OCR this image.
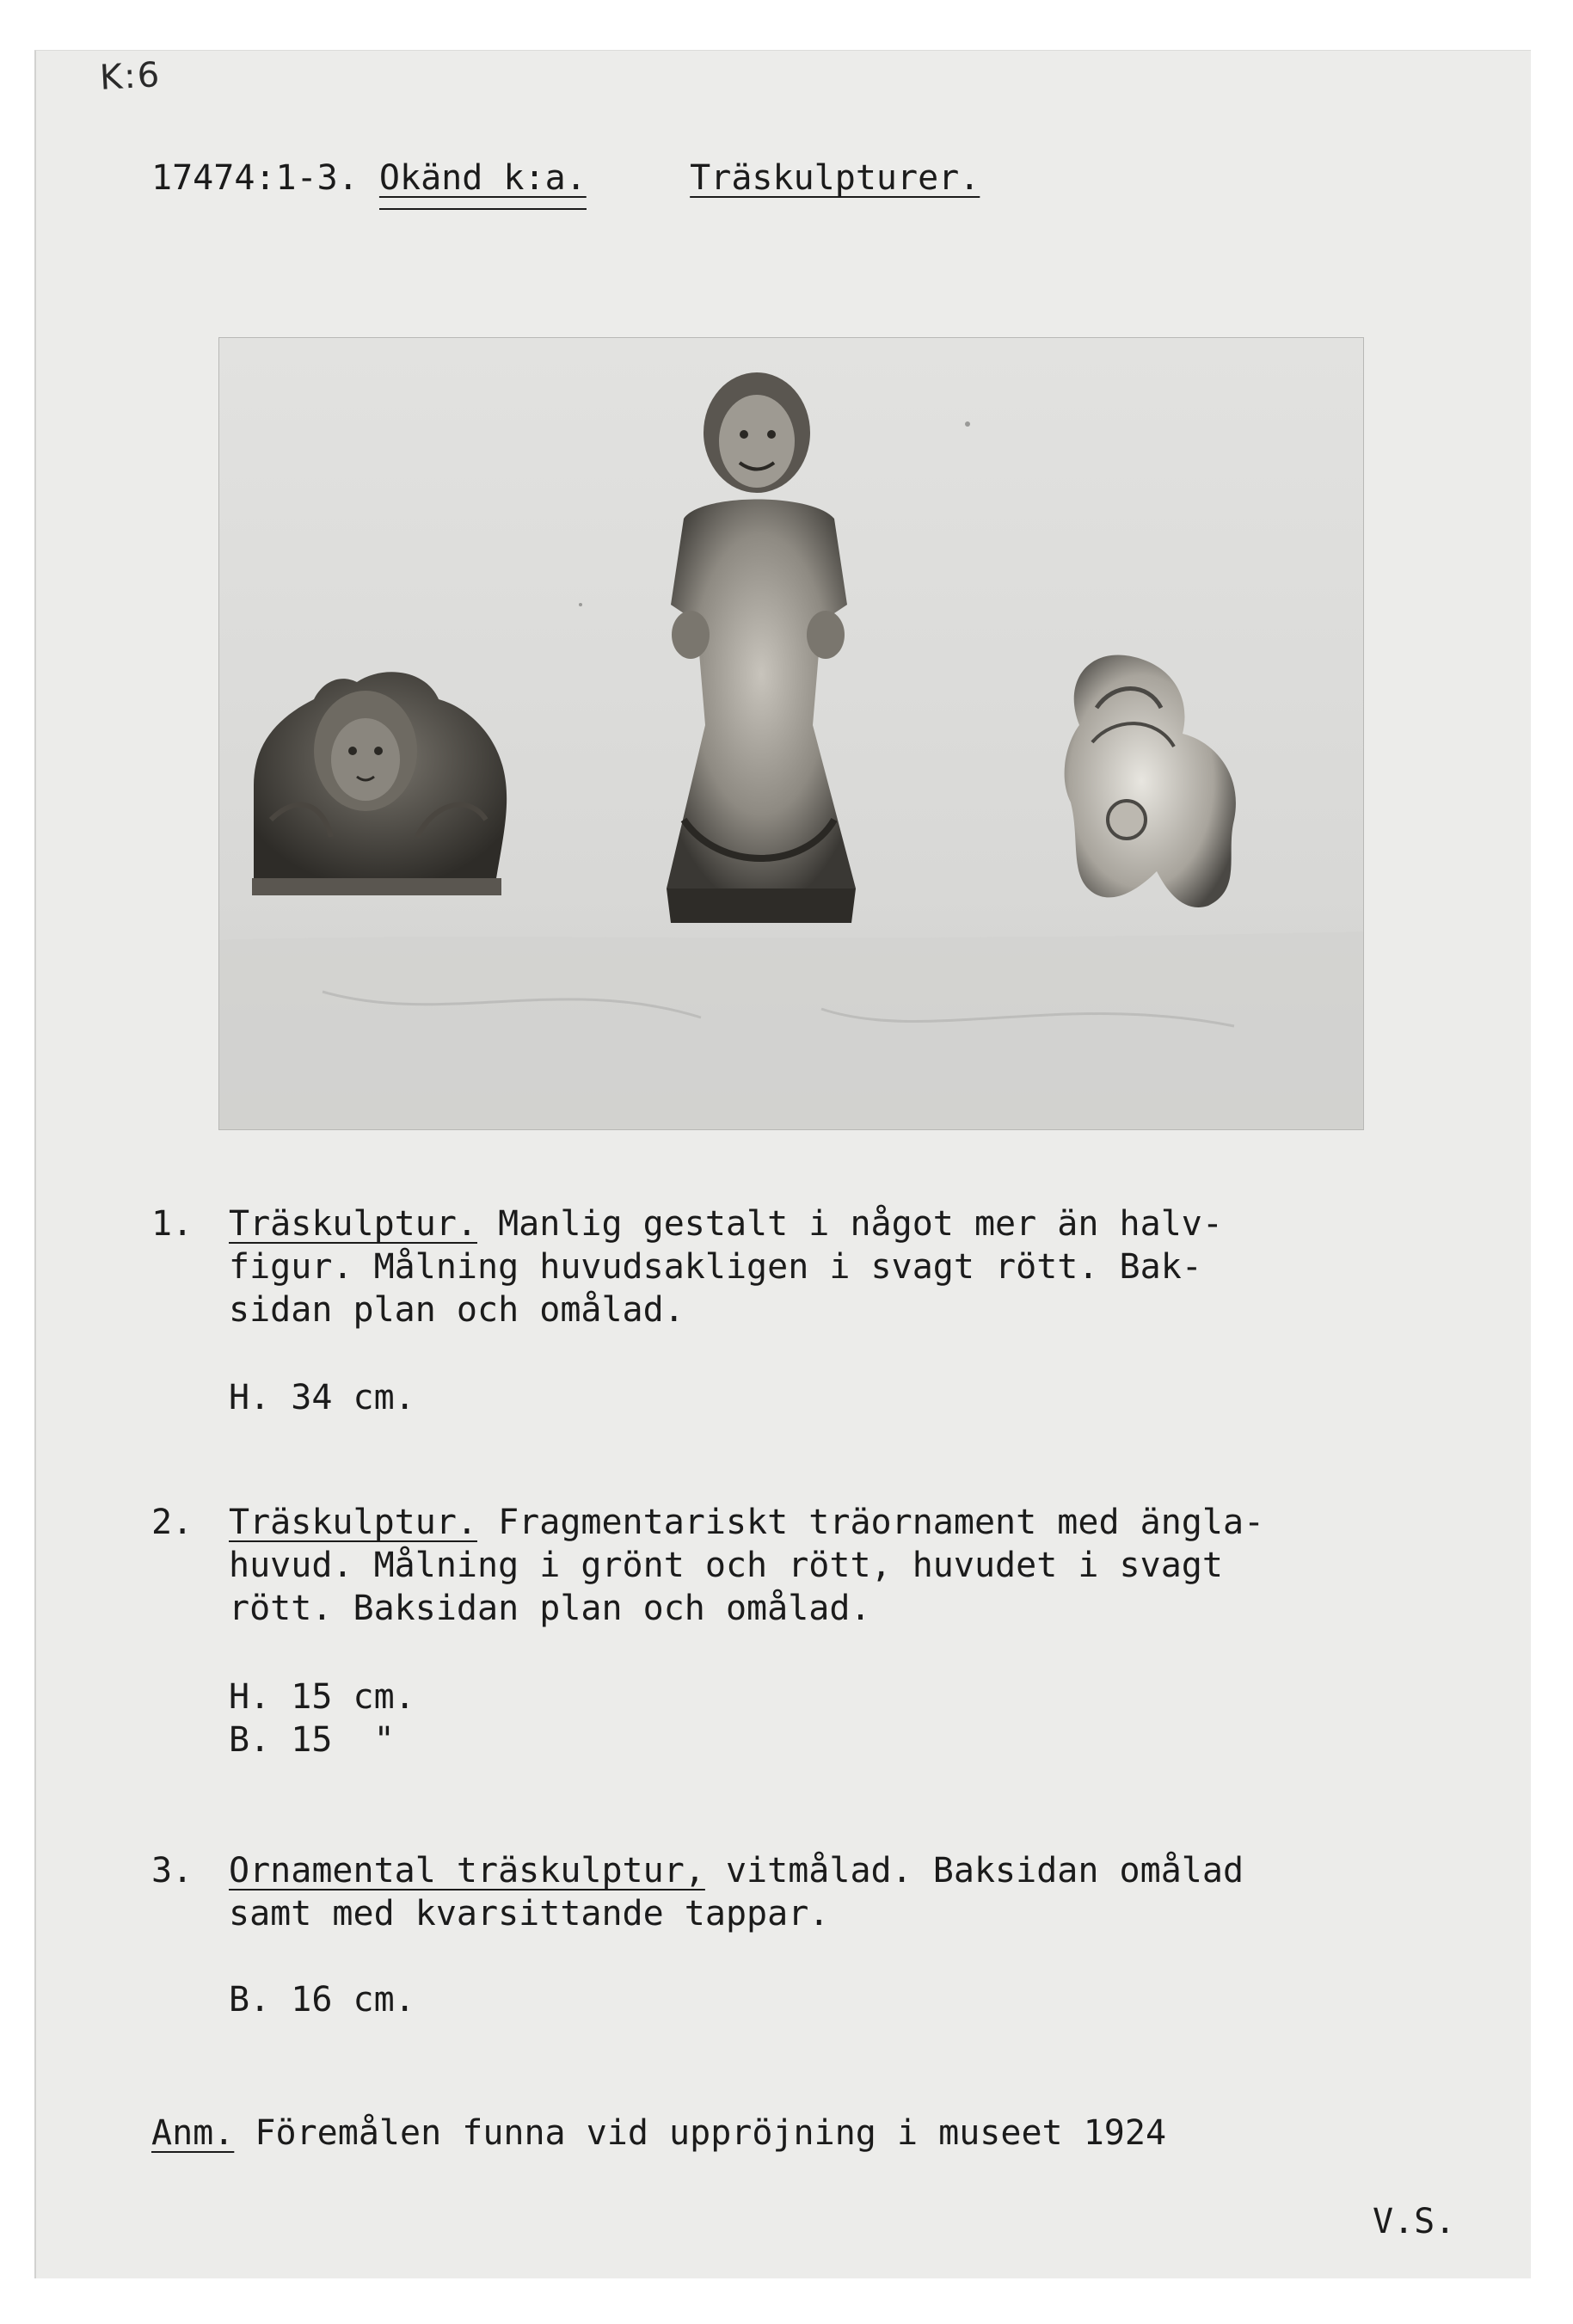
K:6
17474:1-3. Okänd k:a.	Träskulpturer.
1. Träskulptur. Manlig gestalt i något mer än halv-
figur. Målning huvudsakligen i svagt rött. Bak-
sidan plan och omålad.
H. 34 cm.
2. Träskulptur. Fragmentariskt träornament med ängla-
huvud. Målning i grönt och rött, huvudet i svagt
rött. Baksidan plan och omålad.
H. 15 cm.
B. 15  "
3. Ornamental träskulptur, vitmålad. Baksidan omålad
samt med kvarsittande tappar.
B. 16 cm.
Anm. Föremålen funna vid uppröjning i museet 1924
V.S.
